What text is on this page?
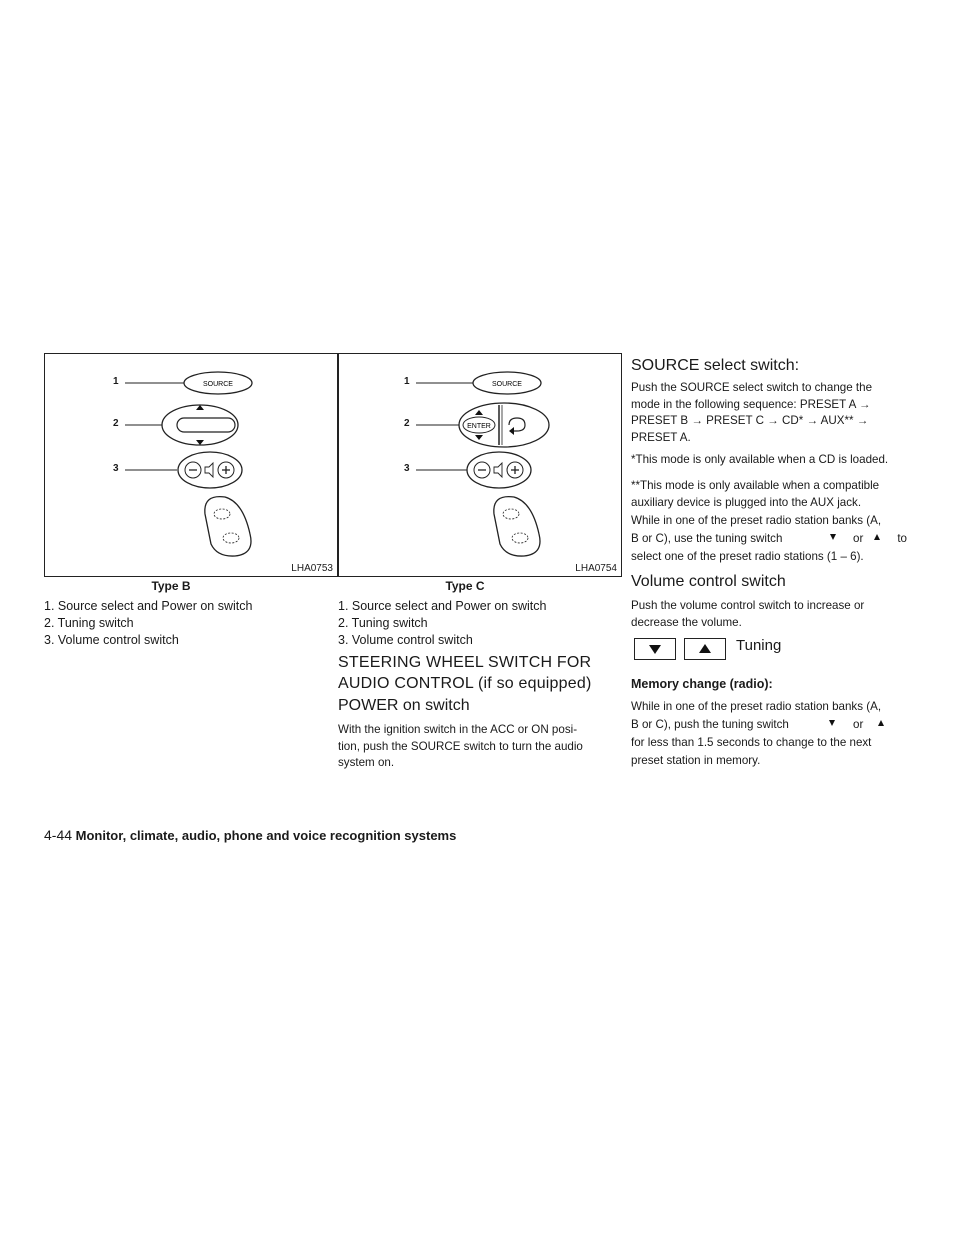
SOURCE
1
2
3
LHA0753
Type B
SOURCE
ENTER
1
2
3
LHA0754
Type C
1. Source select and Power on switch
2. Tuning switch
3. Volume control switch
1. Source select and Power on switch
2. Tuning switch
3. Volume control switch
STEERING WHEEL SWITCH FOR
AUDIO CONTROL (if so equipped)
POWER on switch
With the ignition switch in the ACC or ON posi-
tion, push the SOURCE switch to turn the audio
system on.
SOURCE select switch:
Push the SOURCE select switch to change the
mode in the following sequence: PRESET A →
PRESET B → PRESET C → CD* → AUX** →
PRESET A.
*This mode is only available when a CD is loaded.
**This mode is only available when a compatible
auxiliary device is plugged into the AUX jack.
While in one of the preset radio station banks (A,
B or C), use the tuning switch	or	to
select one of the preset radio stations (1 – 6).
Volume control switch
Push the volume control switch to increase or
decrease the volume.
Tuning
Memory change (radio):
While in one of the preset radio station banks (A,
B or C), push the tuning switch	or
for less than 1.5 seconds to change to the next
preset station in memory.
4-44 Monitor, climate, audio, phone and voice recognition systems
